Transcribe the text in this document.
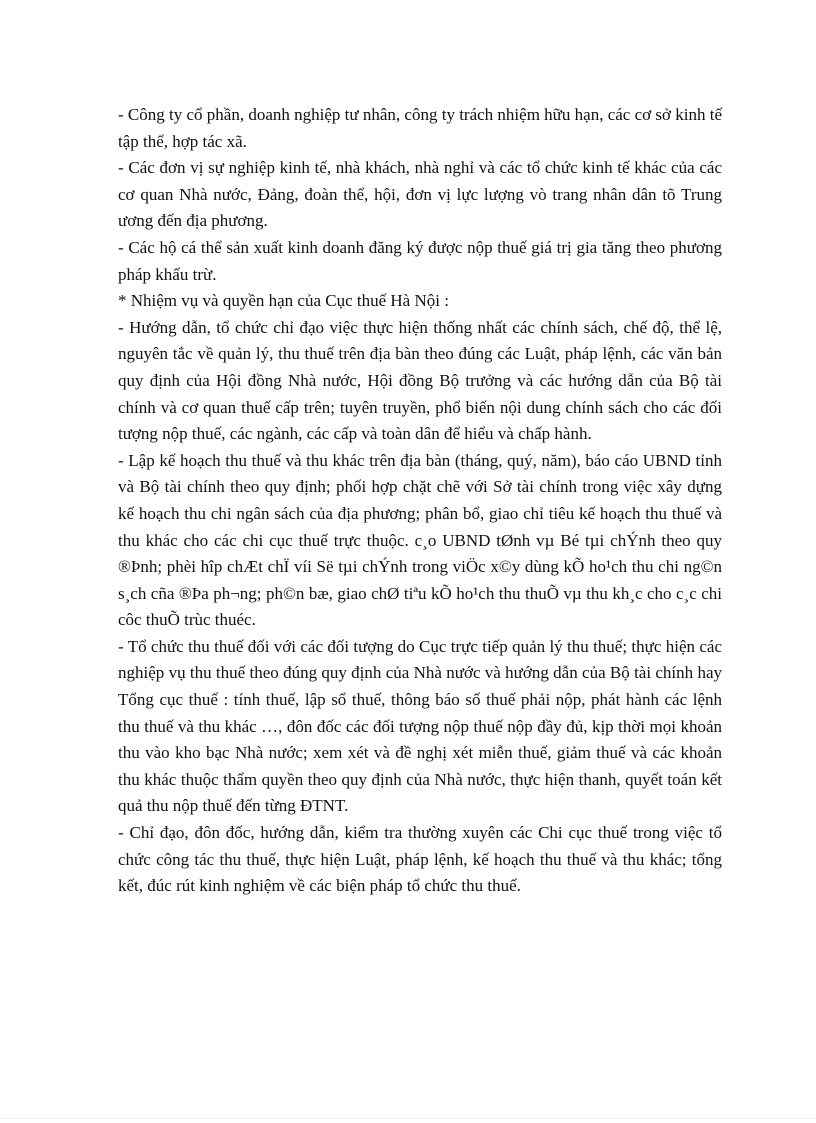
- Công ty cổ phần, doanh nghiệp tư nhân, công ty trách nhiệm hữu hạn, các cơ sở kinh tế tập thể, hợp tác xã.

- Các đơn vị sự nghiệp kinh tế, nhà khách, nhà nghỉ và các tổ chức kinh tế khác của các cơ quan Nhà nước, Đảng, đoàn thể, hội, đơn vị lực lượng vò trang nhân dân tõ Trung ương đến địa phương.

- Các hộ cá thể sản xuất kinh doanh đăng ký được nộp thuế giá trị gia tăng theo phương pháp khấu trừ.

* Nhiệm vụ và quyền hạn của Cục thuế Hà Nội :

- Hướng dẫn, tổ chức chỉ đạo việc thực hiện thống nhất các chính sách, chế độ, thể lệ, nguyên tắc về quản lý, thu thuế trên địa bàn theo đúng các Luật, pháp lệnh, các văn bản quy định của Hội đồng Nhà nước, Hội đồng Bộ trưởng và các hướng dẫn của Bộ tài chính và cơ quan thuế cấp trên; tuyên truyền, phổ biến nội dung chính sách cho các đối tượng nộp thuế, các ngành, các cấp và toàn dân để hiểu và chấp hành.

- Lập kế hoạch thu thuế và thu khác trên địa bàn (tháng, quý, năm), báo cáo UBND tỉnh và Bộ tài chính theo quy định; phối hợp chặt chẽ với Sở tài chính trong việc xây dựng kế hoạch thu chi ngân sách của địa phương; phân bổ, giao chỉ tiêu kế hoạch thu thuế và thu khác cho các chi cục thuế trực thuộc. c¸o UBND tØnh vµ Bé tµi chÝnh theo quy ®Þnh; phèi hîp chÆt chÏ víi Së tµi chÝnh trong viÖc x©y dùng kÕ ho¹ch thu chi ng©n s¸ch cña ®Þa ph¬ng; ph©n bæ, giao chØ tiªu kÕ ho¹ch thu thuÕ vµ thu kh¸c cho c¸c chi côc thuÕ trùc thuéc.

- Tổ chức thu thuế đối với các đối tượng do Cục trực tiếp quản lý thu thuế; thực hiện các nghiệp vụ thu thuế theo đúng quy định của Nhà nước và hướng dẫn của Bộ tài chính hay Tổng cục thuế : tính thuế, lập sổ thuế, thông báo số thuế phải nộp, phát hành các lệnh thu thuế và thu khác …, đôn đốc các đối tượng nộp thuế nộp đầy đủ, kịp thời mọi khoản thu vào kho bạc Nhà nước; xem xét và đề nghị xét miễn thuế, giảm thuế và các khoản thu khác thuộc thẩm quyền theo quy định của Nhà nước, thực hiện thanh, quyết toán kết quả thu nộp thuế đến từng ĐTNT.

- Chỉ đạo, đôn đốc, hướng dẫn, kiểm tra thường xuyên các Chi cục thuế trong việc tổ chức công tác thu thuế, thực hiện Luật, pháp lệnh, kế hoạch thu thuế và thu khác; tổng kết, đúc rút kinh nghiệm về các biện pháp tổ chức thu thuế.
